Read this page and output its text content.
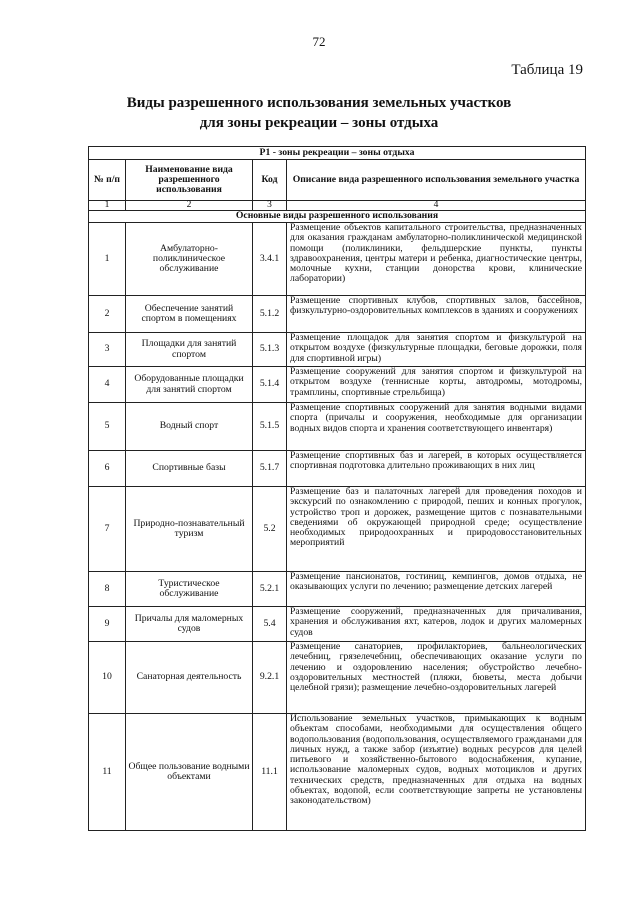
72
Таблица 19
Виды разрешенного использования земельных участков
для зоны рекреации – зоны отдыха
Р1 - зоны рекреации – зоны отдыха			
№ п/п	Наименование вида разрешенного использования	Код	Описание вида разрешенного использования земельного участка
1	2	3	4
Основные виды разрешенного использования			
1	Амбулаторно-поликлиническое обслуживание	3.4.1	Размещение объектов капитального строительства, предназначенных для оказания гражданам амбулаторно-поликлинической медицинской помощи (поликлиники, фельдшерские пункты, пункты здравоохранения, центры матери и ребенка, диагностические центры, молочные кухни, станции донорства крови, клинические лаборатории)
2	Обеспечение занятий спортом в помещениях	5.1.2	Размещение спортивных клубов, спортивных залов, бассейнов, физкультурно-оздоровительных комплексов в зданиях и сооружениях
3	Площадки для занятий спортом	5.1.3	Размещение площадок для занятия спортом и физкультурой на открытом воздухе (физкультурные площадки, беговые дорожки, поля для спортивной игры)
4	Оборудованные площадки для занятий спортом	5.1.4	Размещение сооружений для занятия спортом и физкультурой на открытом воздухе (теннисные корты, автодромы, мотодромы, трамплины, спортивные стрельбища)
5	Водный спорт	5.1.5	Размещение спортивных сооружений для занятия водными видами спорта (причалы и сооружения, необходимые для организации водных видов спорта и хранения соответствующего инвентаря)
6	Спортивные базы	5.1.7	Размещение спортивных баз и лагерей, в которых осуществляется спортивная подготовка длительно проживающих в них лиц
7	Природно-познавательный туризм	5.2	Размещение баз и палаточных лагерей для проведения походов и экскурсий по ознакомлению с природой, пеших и конных прогулок, устройство троп и дорожек, размещение щитов с познавательными сведениями об окружающей природной среде; осуществление необходимых природоохранных и природовосстановительных мероприятий
8	Туристическое обслуживание	5.2.1	Размещение пансионатов, гостиниц, кемпингов, домов отдыха, не оказывающих услуги по лечению; размещение детских лагерей
9	Причалы для маломерных судов	5.4	Размещение сооружений, предназначенных для причаливания, хранения и обслуживания яхт, катеров, лодок и других маломерных судов
10	Санаторная деятельность	9.2.1	Размещение санаториев, профилакториев, бальнеологических лечебниц, грязелечебниц, обеспечивающих оказание услуги по лечению и оздоровлению населения; обустройство лечебно-оздоровительных местностей (пляжи, бюветы, места добычи целебной грязи); размещение лечебно-оздоровительных лагерей
11	Общее пользование водными объектами	11.1	Использование земельных участков, примыкающих к водным объектам способами, необходимыми для осуществления общего водопользования (водопользования, осуществляемого гражданами для личных нужд, а также забор (изъятие) водных ресурсов для целей питьевого и хозяйственно-бытового водоснабжения, купание, использование маломерных судов, водных мотоциклов и других технических средств, предназначенных для отдыха на водных объектах, водопой, если соответствующие запреты не установлены законодательством)
